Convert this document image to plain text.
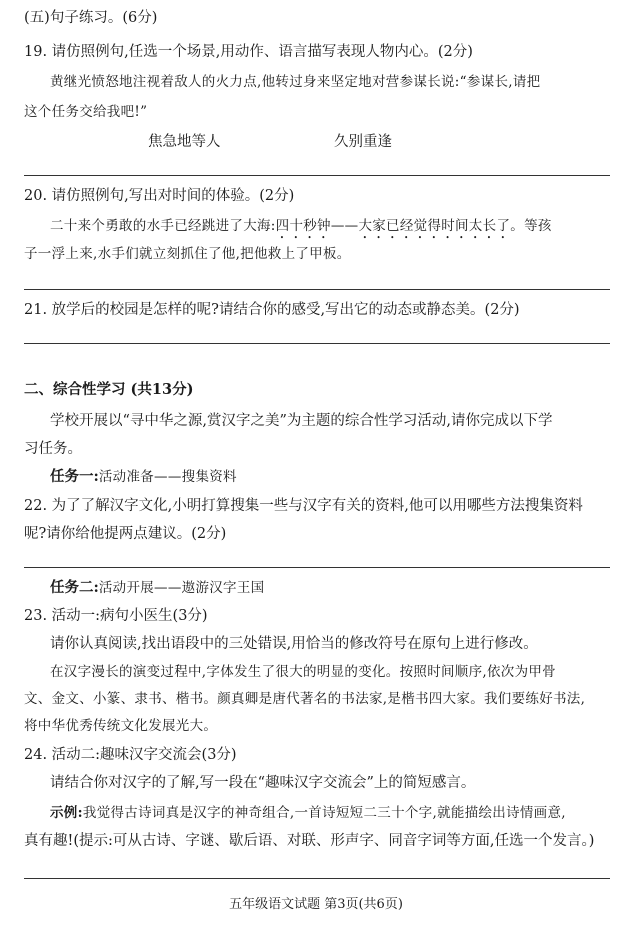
(五)句子练习。(6分)
19. 请仿照例句,任选一个场景,用动作、语言描写表现人物内心。(2分)
黄继光愤怒地注视着敌人的火力点,他转过身来坚定地对营参谋长说:“参谋长,请把
这个任务交给我吧!”
焦急地等人	久别重逢
20. 请仿照例句,写出对时间的体验。(2分)
二十来个勇敢的水手已经跳进了大海:四十秒钟——大家已经觉得时间太长了。等孩
子一浮上来,水手们就立刻抓住了他,把他救上了甲板。
21. 放学后的校园是怎样的呢?请结合你的感受,写出它的动态或静态美。(2分)
二、综合性学习 (共13分)
学校开展以“寻中华之源,赏汉字之美”为主题的综合性学习活动,请你完成以下学
习任务。
任务一:活动准备——搜集资料
22. 为了了解汉字文化,小明打算搜集一些与汉字有关的资料,他可以用哪些方法搜集资料
呢?请你给他提两点建议。(2分)
任务二:活动开展——遨游汉字王国
23. 活动一:病句小医生(3分)
请你认真阅读,找出语段中的三处错误,用恰当的修改符号在原句上进行修改。
在汉字漫长的演变过程中,字体发生了很大的明显的变化。按照时间顺序,依次为甲骨
文、金文、小篆、隶书、楷书。颜真卿是唐代著名的书法家,是楷书四大家。我们要练好书法,
将中华优秀传统文化发展光大。
24. 活动二:趣味汉字交流会(3分)
请结合你对汉字的了解,写一段在“趣味汉字交流会”上的简短感言。
示例:我觉得古诗词真是汉字的神奇组合,一首诗短短二三十个字,就能描绘出诗情画意,
真有趣!(提示:可从古诗、字谜、歇后语、对联、形声字、同音字词等方面,任选一个发言。)
五年级语文试题 第3页(共6页)
